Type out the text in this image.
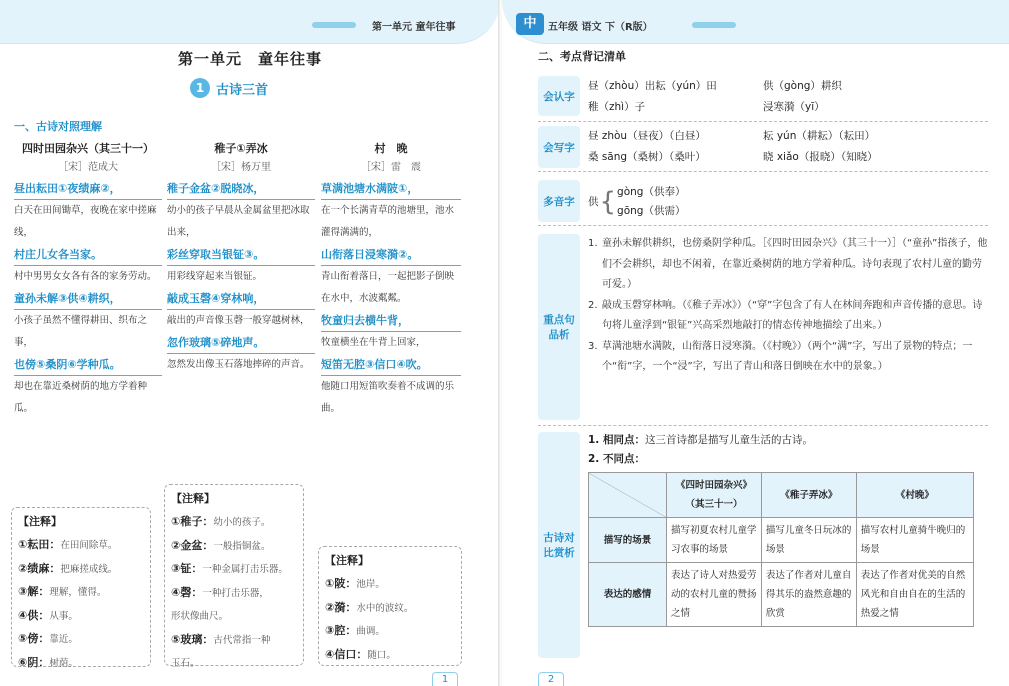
第一单元 童年往事
第一单元　童年往事
1 古诗三首
一、古诗对照理解
四时田园杂兴（其三十一）
［宋］范成大
昼出耘田①夜绩麻②，
白天在田间锄草，夜晚在家中搓麻线，
村庄儿女各当家。
村中男男女女各有各的家务劳动。
童孙未解③供④耕织，
小孩子虽然不懂得耕田、织布之事，
也傍⑤桑阴⑥学种瓜。
却也在靠近桑树荫的地方学着种瓜。
稚子①弄冰
［宋］杨万里
稚子金盆②脱晓冰，
幼小的孩子早晨从金属盆里把冰取出来，
彩丝穿取当银钲③。
用彩线穿起来当银钲。
敲成玉磬④穿林响，
敲出的声音像玉磬一般穿越树林，
忽作玻璃⑤碎地声。
忽然发出像玉石落地摔碎的声音。
村　晚
［宋］雷　震
草满池塘水满陂①，
在一个长满青草的池塘里，池水灌得满满的，
山衔落日浸寒漪②。
青山衔着落日，一起把影子倒映在水中，水波粼粼。
牧童归去横牛背，
牧童横坐在牛背上回家，
短笛无腔③信口④吹。
他随口用短笛吹奏着不成调的乐曲。
【注释】
①耘田：在田间除草。
②绩麻：把麻搓成线。
③解：理解，懂得。
④供：从事。
⑤傍：靠近。
⑥阴：树荫。
【注释】
①稚子：幼小的孩子。
②金盆：一般指铜盆。
③钲：一种金属打击乐器。
④磬：一种打击乐器，
形状像曲尺。
⑤玻璃：古代常指一种
玉石。
【注释】
①陂：池岸。
②漪：水中的波纹。
③腔：曲调。
④信口：随口。
1
中	五年级 语文 下（R版）
二、考点背记清单
会认字
昼（zhòu）出耘（yún）田	供（gòng）耕织
稚（zhì）子	浸寒漪（yī）
会写字
昼 zhòu（昼夜）（白昼）	耘 yún（耕耘）（耘田）
桑 sāng（桑树）（桑叶）	晓 xiǎo（报晓）（知晓）
多音字	供 { gòng（供奉）
gōng（供需）
重点句品析
1. 童孙未解供耕织，也傍桑阴学种瓜。［《四时田园杂兴》（其三十一）］（“童孙”指孩子，他们不会耕织，却也不闲着，在靠近桑树荫的地方学着种瓜。诗句表现了农村儿童的勤劳可爱。）
2. 敲成玉磬穿林响。（《稚子弄冰》）（“穿”字包含了有人在林间奔跑和声音传播的意思。诗句将儿童浮到“银钲”兴高采烈地敲打的情态传神地描绘了出来。）
3. 草满池塘水满陂，山衔落日浸寒漪。（《村晚》）（两个“满”字，写出了景物的特点；一个“衔”字，一个“浸”字，写出了青山和落日倒映在水中的景象。）
古诗对比赏析
1. 相同点：这三首诗都是描写儿童生活的古诗。
2. 不同点：
	《四时田园杂兴》（其三十一）	《稚子弄冰》	《村晚》
描写的场景	描写初夏农村儿童学习农事的场景	描写儿童冬日玩冰的场景	描写农村儿童骑牛晚归的场景
表达的感情	表达了诗人对热爱劳动的农村儿童的赞扬之情	表达了作者对儿童自得其乐的盎然意趣的欣赏	表达了作者对优美的自然风光和自由自在的生活的热爱之情
2
